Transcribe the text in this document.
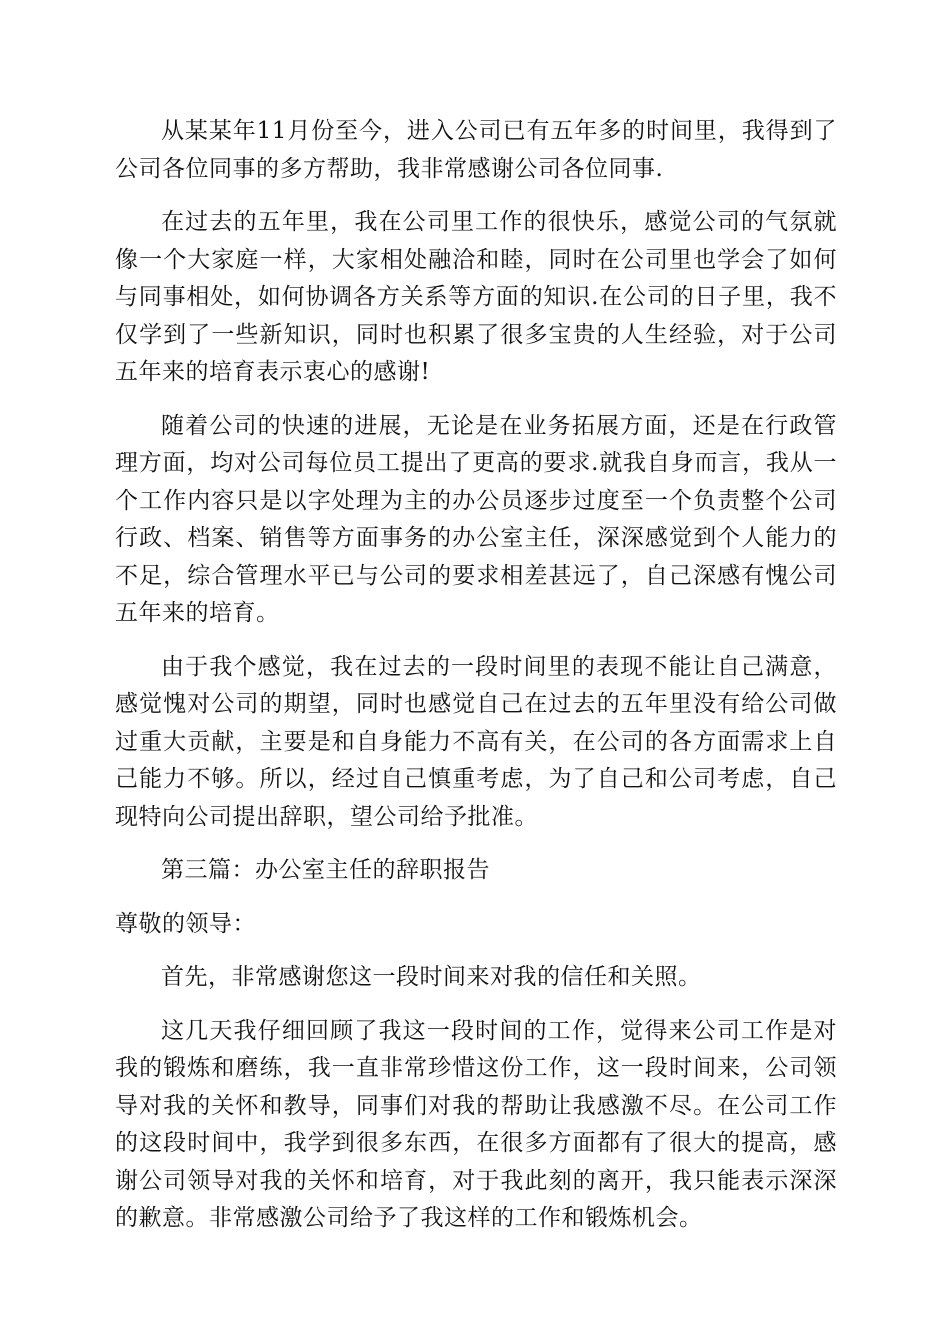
从某某年11月份至今，进入公司已有五年多的时间里，我得到了公司各位同事的多方帮助，我非常感谢公司各位同事.

在过去的五年里，我在公司里工作的很快乐，感觉公司的气氛就像一个大家庭一样，大家相处融洽和睦，同时在公司里也学会了如何与同事相处，如何协调各方关系等方面的知识.在公司的日子里，我不仅学到了一些新知识，同时也积累了很多宝贵的人生经验，对于公司五年来的培育表示衷心的感谢!

随着公司的快速的进展，无论是在业务拓展方面，还是在行政管理方面，均对公司每位员工提出了更高的要求.就我自身而言，我从一个工作内容只是以字处理为主的办公员逐步过度至一个负责整个公司行政、档案、销售等方面事务的办公室主任，深深感觉到个人能力的不足，综合管理水平已与公司的要求相差甚远了，自己深感有愧公司五年来的培育。

由于我个感觉，我在过去的一段时间里的表现不能让自己满意，感觉愧对公司的期望，同时也感觉自己在过去的五年里没有给公司做过重大贡献，主要是和自身能力不高有关，在公司的各方面需求上自己能力不够。所以，经过自己慎重考虑，为了自己和公司考虑，自己现特向公司提出辞职，望公司给予批准。

第三篇：办公室主任的辞职报告

尊敬的领导：

首先，非常感谢您这一段时间来对我的信任和关照。

这几天我仔细回顾了我这一段时间的工作，觉得来公司工作是对我的锻炼和磨练，我一直非常珍惜这份工作，这一段时间来，公司领导对我的关怀和教导，同事们对我的帮助让我感激不尽。在公司工作的这段时间中，我学到很多东西，在很多方面都有了很大的提高，感谢公司领导对我的关怀和培育，对于我此刻的离开，我只能表示深深的歉意。非常感激公司给予了我这样的工作和锻炼机会。
